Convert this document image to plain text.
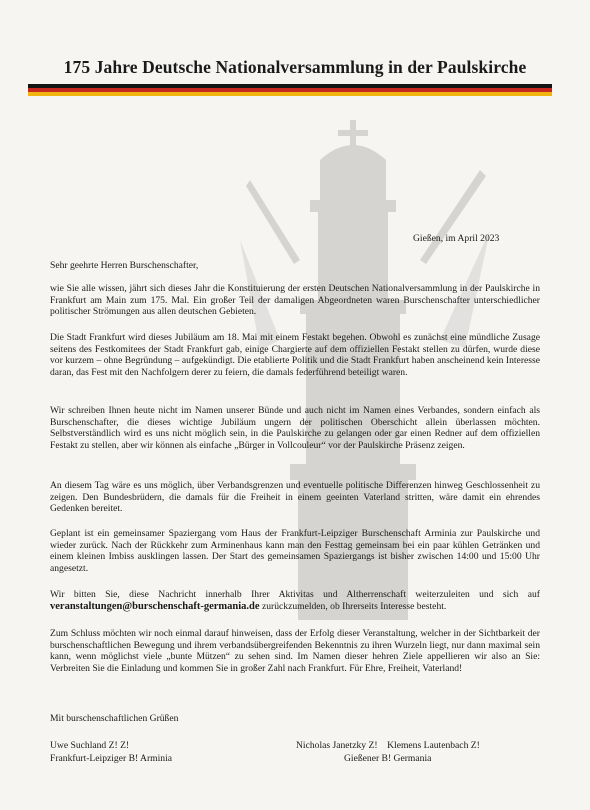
175 Jahre Deutsche Nationalversammlung in der Paulskirche

Gießen, im April 2023

Sehr geehrte Herren Burschenschafter,

wie Sie alle wissen, jährt sich dieses Jahr die Konstituierung der ersten Deutschen Nationalversammlung in der Paulskirche in Frankfurt am Main zum 175. Mal. Ein großer Teil der damaligen Abgeordneten waren Burschenschafter unterschiedlicher politischer Strömungen aus allen deutschen Gebieten.

Die Stadt Frankfurt wird dieses Jubiläum am 18. Mai mit einem Festakt begehen. Obwohl es zunächst eine mündliche Zusage seitens des Festkomitees der Stadt Frankfurt gab, einige Chargierte auf dem offiziellen Festakt stellen zu dürfen, wurde diese vor kurzem – ohne Begründung – aufgekündigt. Die etablierte Politik und die Stadt Frankfurt haben anscheinend kein Interesse daran, das Fest mit den Nachfolgern derer zu feiern, die damals federführend beteiligt waren.

Wir schreiben Ihnen heute nicht im Namen unserer Bünde und auch nicht im Namen eines Verbandes, sondern einfach als Burschenschafter, die dieses wichtige Jubiläum ungern der politischen Oberschicht allein überlassen möchten. Selbstverständlich wird es uns nicht möglich sein, in die Paulskirche zu gelangen oder gar einen Redner auf dem offiziellen Festakt zu stellen, aber wir können als einfache „Bürger in Vollcouleur“ vor der Paulskirche Präsenz zeigen.

An diesem Tag wäre es uns möglich, über Verbandsgrenzen und eventuelle politische Differenzen hinweg Geschlossenheit zu zeigen. Den Bundesbrüdern, die damals für die Freiheit in einem geeinten Vaterland stritten, wäre damit ein ehrendes Gedenken bereitet.

Geplant ist ein gemeinsamer Spaziergang vom Haus der Frankfurt-Leipziger Burschenschaft Arminia zur Paulskirche und wieder zurück. Nach der Rückkehr zum Arminenhaus kann man den Festtag gemeinsam bei ein paar kühlen Getränken und einem kleinen Imbiss ausklingen lassen. Der Start des gemeinsamen Spaziergangs ist bisher zwischen 14:00 und 15:00 Uhr angesetzt.

Wir bitten Sie, diese Nachricht innerhalb Ihrer Aktivitas und Altherrenschaft weiterzuleiten und sich auf veranstaltungen@burschenschaft-germania.de zurückzumelden, ob Ihrerseits Interesse besteht.

Zum Schluss möchten wir noch einmal darauf hinweisen, dass der Erfolg dieser Veranstaltung, welcher in der Sichtbarkeit der burschenschaftlichen Bewegung und ihrem verbandsübergreifenden Bekenntnis zu ihren Wurzeln liegt, nur dann maximal sein kann, wenn möglichst viele „bunte Mützen“ zu sehen sind. Im Namen dieser hehren Ziele appellieren wir also an Sie: Verbreiten Sie die Einladung und kommen Sie in großer Zahl nach Frankfurt. Für Ehre, Freiheit, Vaterland!

Mit burschenschaftlichen Grüßen

Uwe Suchland Z! Z!

Frankfurt-Leipziger B! Arminia

Nicholas Janetzky Z!    Klemens Lautenbach Z!

Gießener B! Germania
